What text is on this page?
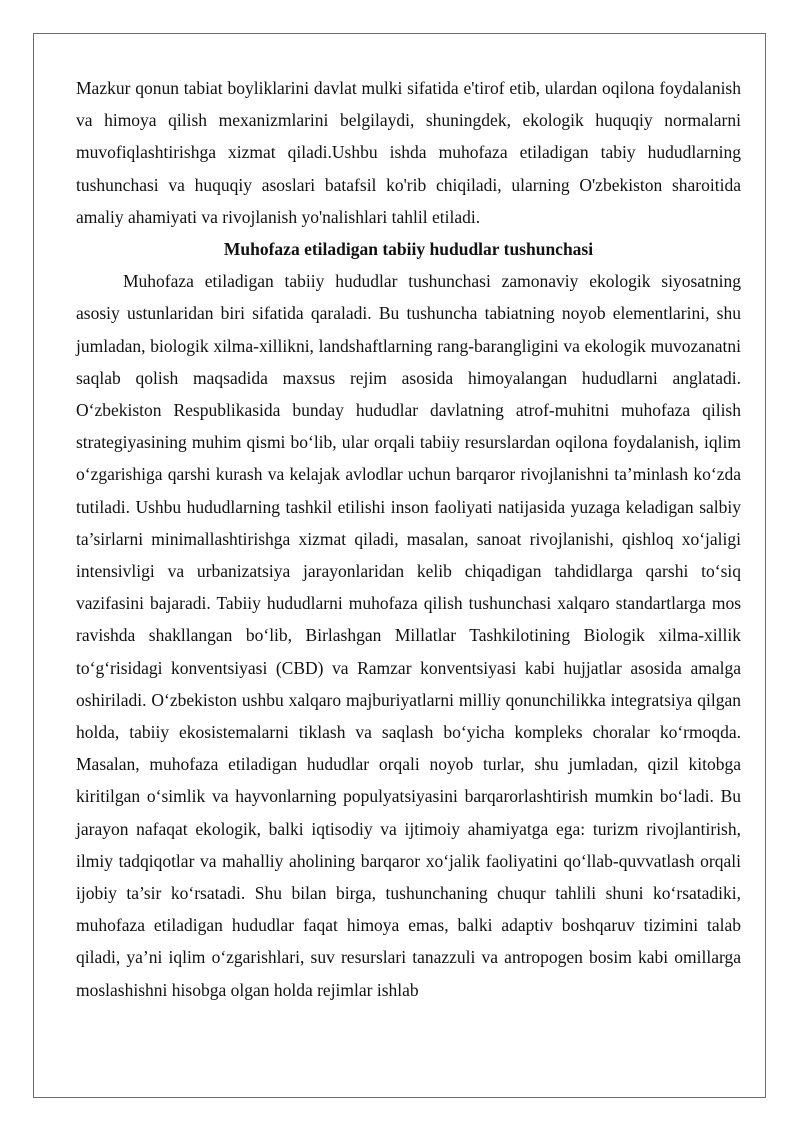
Mazkur qonun tabiat boyliklarini davlat mulki sifatida e'tirof etib, ulardan oqilona foydalanish va himoya qilish mexanizmlarini belgilaydi, shuningdek, ekologik huquqiy normalarni muvofiqlashtirishga xizmat qiladi.Ushbu ishda muhofaza etiladigan tabiy hududlarning tushunchasi va huquqiy asoslari batafsil ko'rib chiqiladi, ularning O'zbekiston sharoitida amaliy ahamiyati va rivojlanish yo'nalishlari tahlil etiladi.

Muhofaza etiladigan tabiiy hududlar tushunchasi

Muhofaza etiladigan tabiiy hududlar tushunchasi zamonaviy ekologik siyosatning asosiy ustunlaridan biri sifatida qaraladi. Bu tushuncha tabiatning noyob elementlarini, shu jumladan, biologik xilma-xillikni, landshaftlarning rang-barangligini va ekologik muvozanatni saqlab qolish maqsadida maxsus rejim asosida himoyalangan hududlarni anglatadi. O‘zbekiston Respublikasida bunday hududlar davlatning atrof-muhitni muhofaza qilish strategiyasining muhim qismi bo‘lib, ular orqali tabiiy resurslardan oqilona foydalanish, iqlim o‘zgarishiga qarshi kurash va kelajak avlodlar uchun barqaror rivojlanishni ta’minlash ko‘zda tutiladi. Ushbu hududlarning tashkil etilishi inson faoliyati natijasida yuzaga keladigan salbiy ta’sirlarni minimallashtirishga xizmat qiladi, masalan, sanoat rivojlanishi, qishloq xo‘jaligi intensivligi va urbanizatsiya jarayonlaridan kelib chiqadigan tahdidlarga qarshi to‘siq vazifasini bajaradi. Tabiiy hududlarni muhofaza qilish tushunchasi xalqaro standartlarga mos ravishda shakllangan bo‘lib, Birlashgan Millatlar Tashkilotining Biologik xilma-xillik to‘g‘risidagi konventsiyasi (CBD) va Ramzar konventsiyasi kabi hujjatlar asosida amalga oshiriladi. O‘zbekiston ushbu xalqaro majburiyatlarni milliy qonunchilikka integratsiya qilgan holda, tabiiy ekosistemalarni tiklash va saqlash bo‘yicha kompleks choralar ko‘rmoqda. Masalan, muhofaza etiladigan hududlar orqali noyob turlar, shu jumladan, qizil kitobga kiritilgan o‘simlik va hayvonlarning populyatsiyasini barqarorlashtirish mumkin bo‘ladi. Bu jarayon nafaqat ekologik, balki iqtisodiy va ijtimoiy ahamiyatga ega: turizm rivojlantirish, ilmiy tadqiqotlar va mahalliy aholining barqaror xo‘jalik faoliyatini qo‘llab-quvvatlash orqali ijobiy ta’sir ko‘rsatadi. Shu bilan birga, tushunchaning chuqur tahlili shuni ko‘rsatadiki, muhofaza etiladigan hududlar faqat himoya emas, balki adaptiv boshqaruv tizimini talab qiladi, ya’ni iqlim o‘zgarishlari, suv resurslari tanazzuli va antropogen bosim kabi omillarga moslashishni hisobga olgan holda rejimlar ishlab
